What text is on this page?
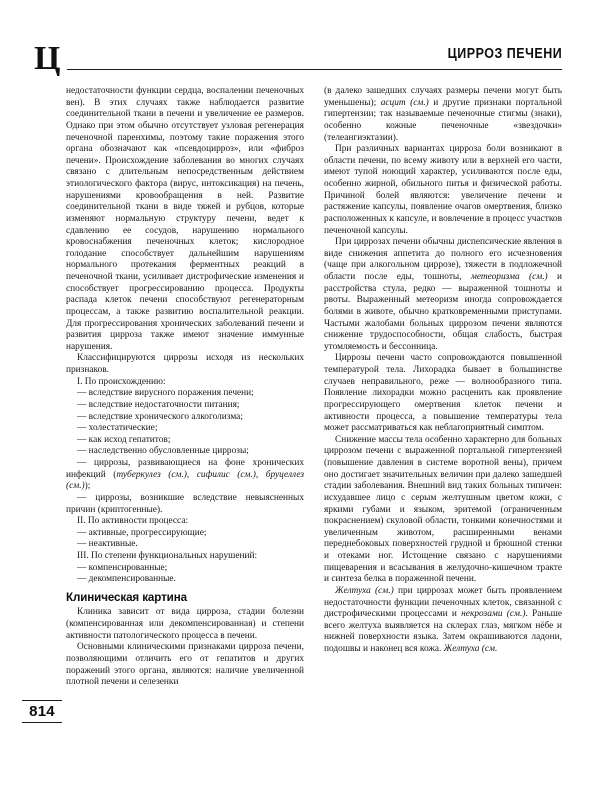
Ц	ЦИРРОЗ ПЕЧЕНИ
814

недостаточности функции сердца, воспалении печеночных вен). В этих случаях также наблюдается развитие соединительной ткани в печени и увеличение ее размеров. Однако при этом обычно отсутствует узловая регенерация печеночной паренхимы, поэтому такие поражения этого органа обозначают как «псевдоцирроз», или «фиброз печени». Происхождение заболевания во многих случаях связано с длительным непосредственным действием этиологического фактора (вирус, интоксикация) на печень, нарушениями кровообращения в ней. Развитие соединительной ткани в виде тяжей и рубцов, которые изменяют нормальную структуру печени, ведет к сдавлению ее сосудов, нарушению нормального кровоснабжения печеночных клеток; кислородное голодание способствует дальнейшим нарушениям нормального протекания ферментных реакций в печеночной ткани, усиливает дистрофические изменения и способствует прогрессированию процесса. Продукты распада клеток печени способствуют регенераторным процессам, а также развитию воспалительной реакции. Для прогрессирования хронических заболеваний печени и развития цирроза также имеют значение иммунные нарушения.

Классифицируются циррозы исходя из нескольких признаков.

I. По происхождению:

— вследствие вирусного поражения печени;

— вследствие недостаточности питания;

— вследствие хронического алкоголизма;

— холестатические;

— как исход гепатитов;

— наследственно обусловленные циррозы;

— циррозы, развивающиеся на фоне хронических инфекций (туберкулез (см.), сифилис (см.), бруцеллез (см.));

— циррозы, возникшие вследствие невыясненных причин (криптогенные).

II. По активности процесса:

— активные, прогрессирующие;

— неактивные.

III. По степени функциональных нарушений:

— компенсированные;

— декомпенсированные.

Клиническая картина

Клиника зависит от вида цирроза, стадии болезни (компенсированная или декомпенсированная) и степени активности патологического процесса в печени.

Основными клиническими признаками цирроза печени, позволяющими отличить его от гепатитов и других поражений этого органа, являются: наличие увеличенной плотной печени и селезенки

(в далеко зашедших случаях размеры печени могут быть уменьшены); асцит (см.) и другие признаки портальной гипертензии; так называемые печеночные стигмы (знаки), особенно кожные печеночные «звездочки» (телеангиэктазии).

При различных вариантах цирроза боли возникают в области печени, по всему животу или в верхней его части, имеют тупой ноющий характер, усиливаются после еды, особенно жирной, обильного питья и физической работы. Причиной болей являются: увеличение печени и растяжение капсулы, появление очагов омертвения, близко расположенных к капсуле, и вовлечение в процесс участков печеночной капсулы.

При циррозах печени обычны диспепсические явления в виде снижения аппетита до полного его исчезновения (чаще при алкогольном циррозе), тяжести в подложечной области после еды, тошноты, метеоризма (см.) и расстройства стула, редко — выраженной тошноты и рвоты. Выраженный метеоризм иногда сопровождается болями в животе, обычно кратковременными приступами. Частыми жалобами больных циррозом печени являются снижение трудоспособности, общая слабость, быстрая утомляемость и бессонница.

Циррозы печени часто сопровождаются повышенной температурой тела. Лихорадка бывает в большинстве случаев неправильного, реже — волнообразного типа. Появление лихорадки можно расценить как проявление прогрессирующего омертвения клеток печени и активности процесса, а повышение температуры тела может рассматриваться как неблагоприятный симптом.

Снижение массы тела особенно характерно для больных циррозом печени с выраженной портальной гипертензией (повышение давления в системе воротной вены), причем оно достигает значительных величин при далеко зашедшей стадии заболевания. Внешний вид таких больных типичен: исхудавшее лицо с серым желтушным цветом кожи, с яркими губами и языком, эритемой (ограниченным покраснением) скуловой области, тонкими конечностями и увеличенным животом, расширенными венами переднебоковых поверхностей грудной и брюшной стенки и отеками ног. Истощение связано с нарушениями пищеварения и всасывания в желудочно-кишечном тракте и синтеза белка в пораженной печени.

Желтуха (см.) при циррозах может быть проявлением недостаточности функции печеночных клеток, связанной с дистрофическими процессами и некрозами (см.). Раньше всего желтуха выявляется на склерах глаз, мягком нёбе и нижней поверхности языка. Затем окрашиваются ладони, подошвы и наконец вся кожа. Желтуха (см.
